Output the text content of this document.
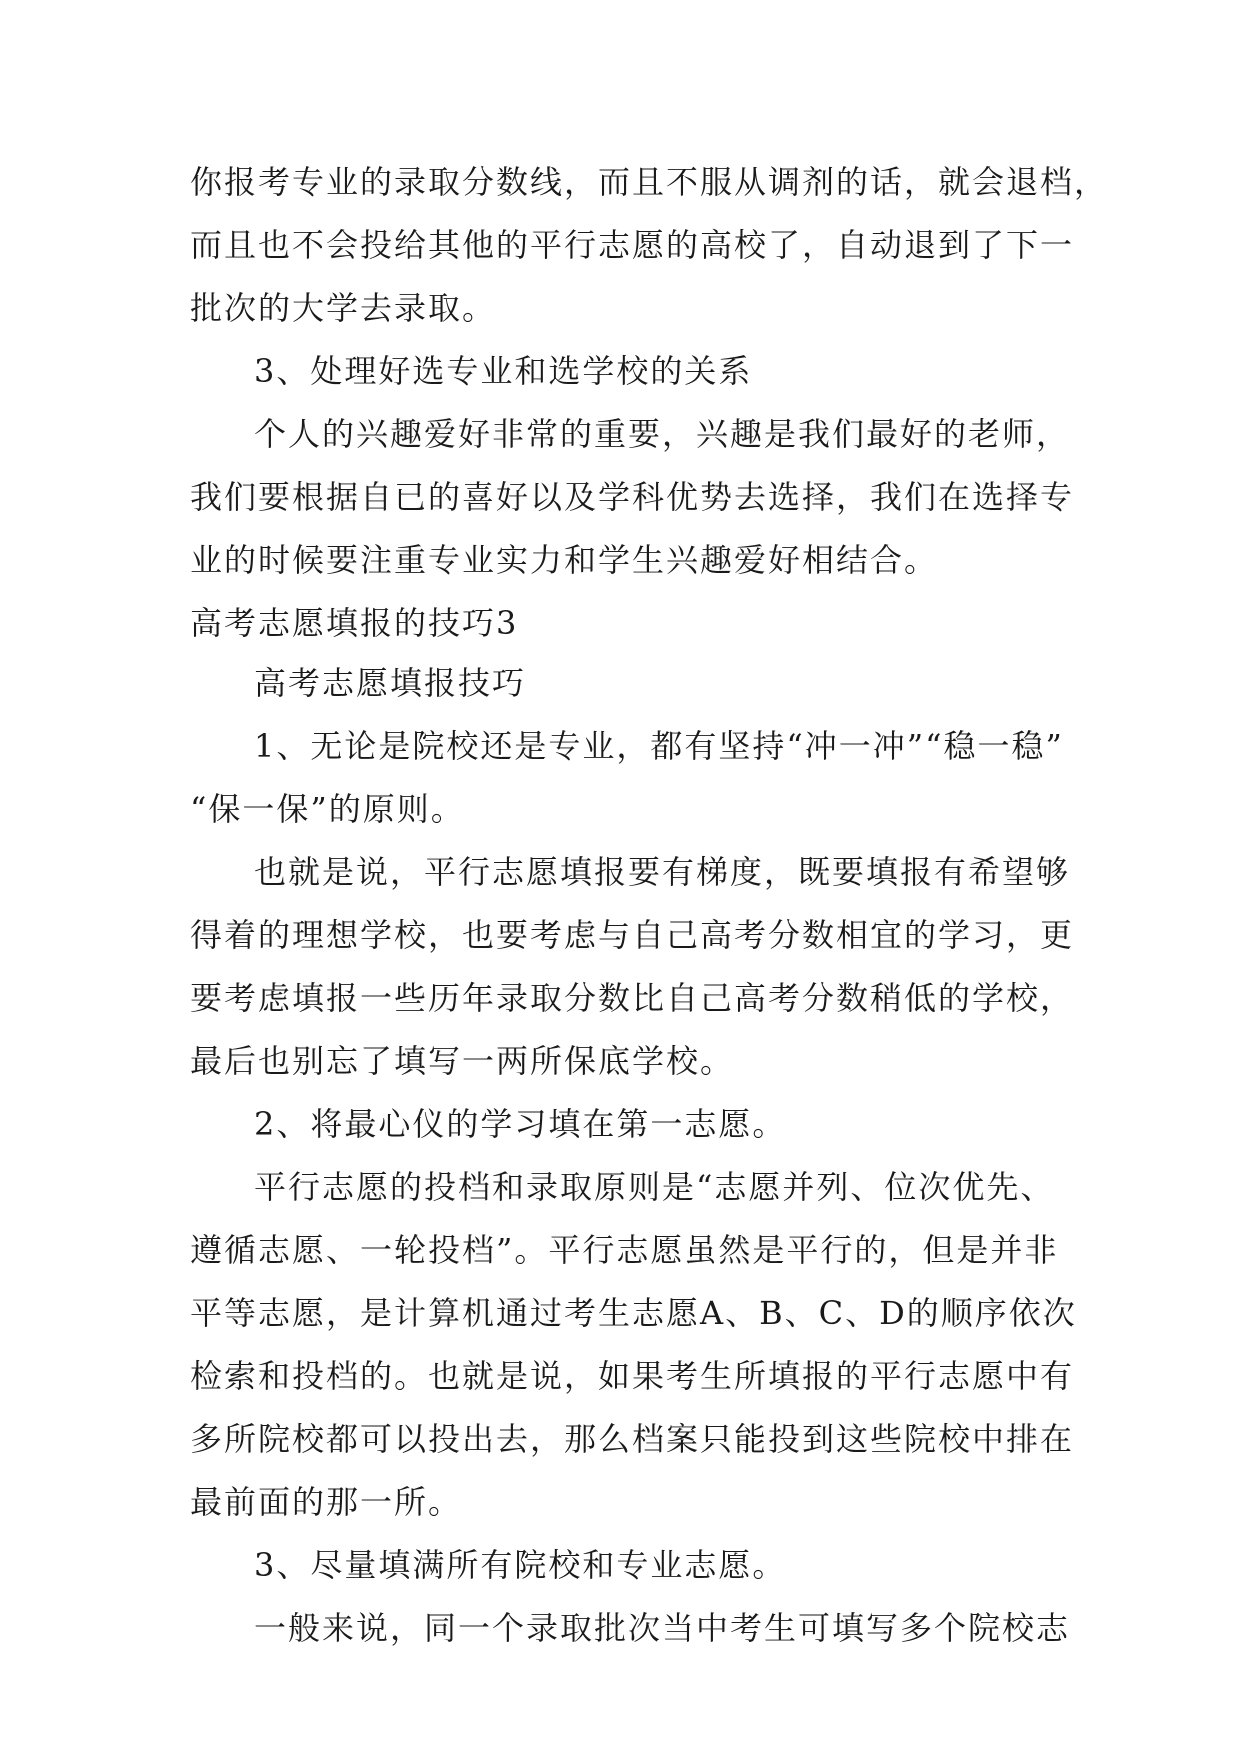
你报考专业的录取分数线，而且不服从调剂的话，就会退档，
而且也不会投给其他的平行志愿的高校了，自动退到了下一
批次的大学去录取。
3、处理好选专业和选学校的关系
个人的兴趣爱好非常的重要，兴趣是我们最好的老师，
我们要根据自已的喜好以及学科优势去选择，我们在选择专
业的时候要注重专业实力和学生兴趣爱好相结合。
高考志愿填报的技巧3
高考志愿填报技巧
1、无论是院校还是专业，都有坚持“冲一冲”“稳一稳”
“保一保”的原则。
也就是说，平行志愿填报要有梯度，既要填报有希望够
得着的理想学校，也要考虑与自己高考分数相宜的学习，更
要考虑填报一些历年录取分数比自己高考分数稍低的学校，
最后也别忘了填写一两所保底学校。
2、将最心仪的学习填在第一志愿。
平行志愿的投档和录取原则是“志愿并列、位次优先、
遵循志愿、一轮投档”。平行志愿虽然是平行的，但是并非
平等志愿，是计算机通过考生志愿A、B、C、D的顺序依次
检索和投档的。也就是说，如果考生所填报的平行志愿中有
多所院校都可以投出去，那么档案只能投到这些院校中排在
最前面的那一所。
3、尽量填满所有院校和专业志愿。
一般来说，同一个录取批次当中考生可填写多个院校志
